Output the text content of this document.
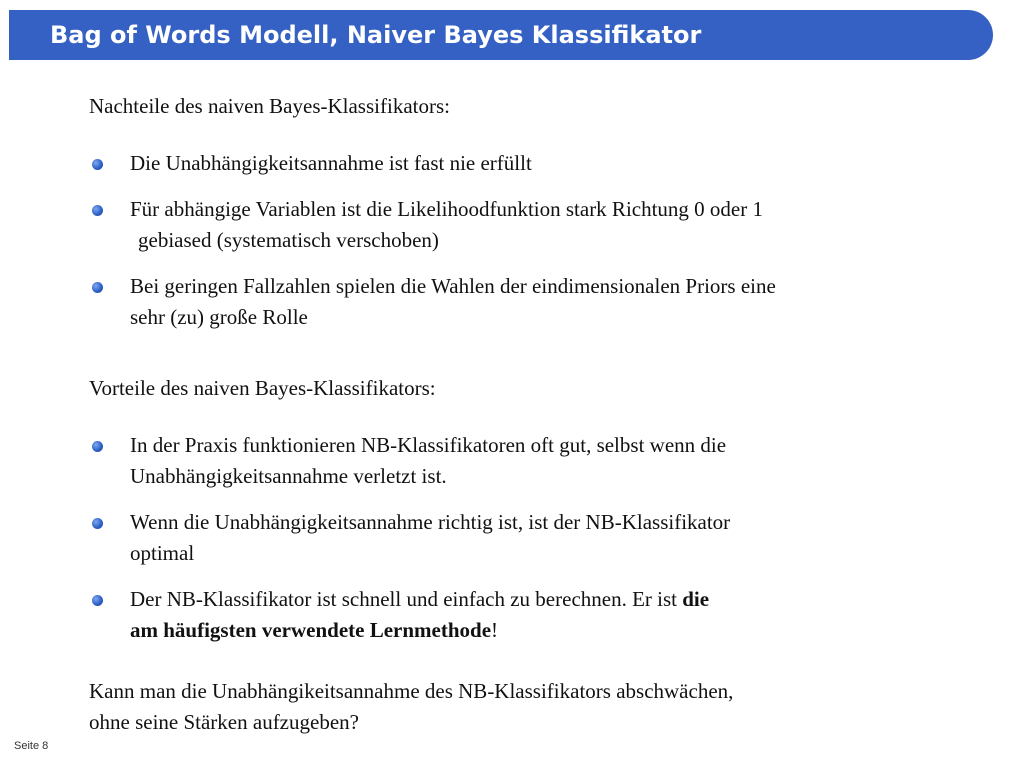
Bag of Words Modell, Naiver Bayes Klassifikator
Nachteile des naiven Bayes-Klassifikators:
Die Unabhängigkeitsannahme ist fast nie erfüllt
Für abhängige Variablen ist die Likelihoodfunktion stark Richtung 0 oder 1
gebiased (systematisch verschoben)
Bei geringen Fallzahlen spielen die Wahlen der eindimensionalen Priors eine
sehr (zu) große Rolle
Vorteile des naiven Bayes-Klassifikators:
In der Praxis funktionieren NB-Klassifikatoren oft gut, selbst wenn die
Unabhängigkeitsannahme verletzt ist.
Wenn die Unabhängigkeitsannahme richtig ist, ist der NB-Klassifikator
optimal
Der NB-Klassifikator ist schnell und einfach zu berechnen. Er ist die
am häufigsten verwendete Lernmethode!
Kann man die Unabhängikeitsannahme des NB-Klassifikators abschwächen,
ohne seine Stärken aufzugeben?
Seite 8
